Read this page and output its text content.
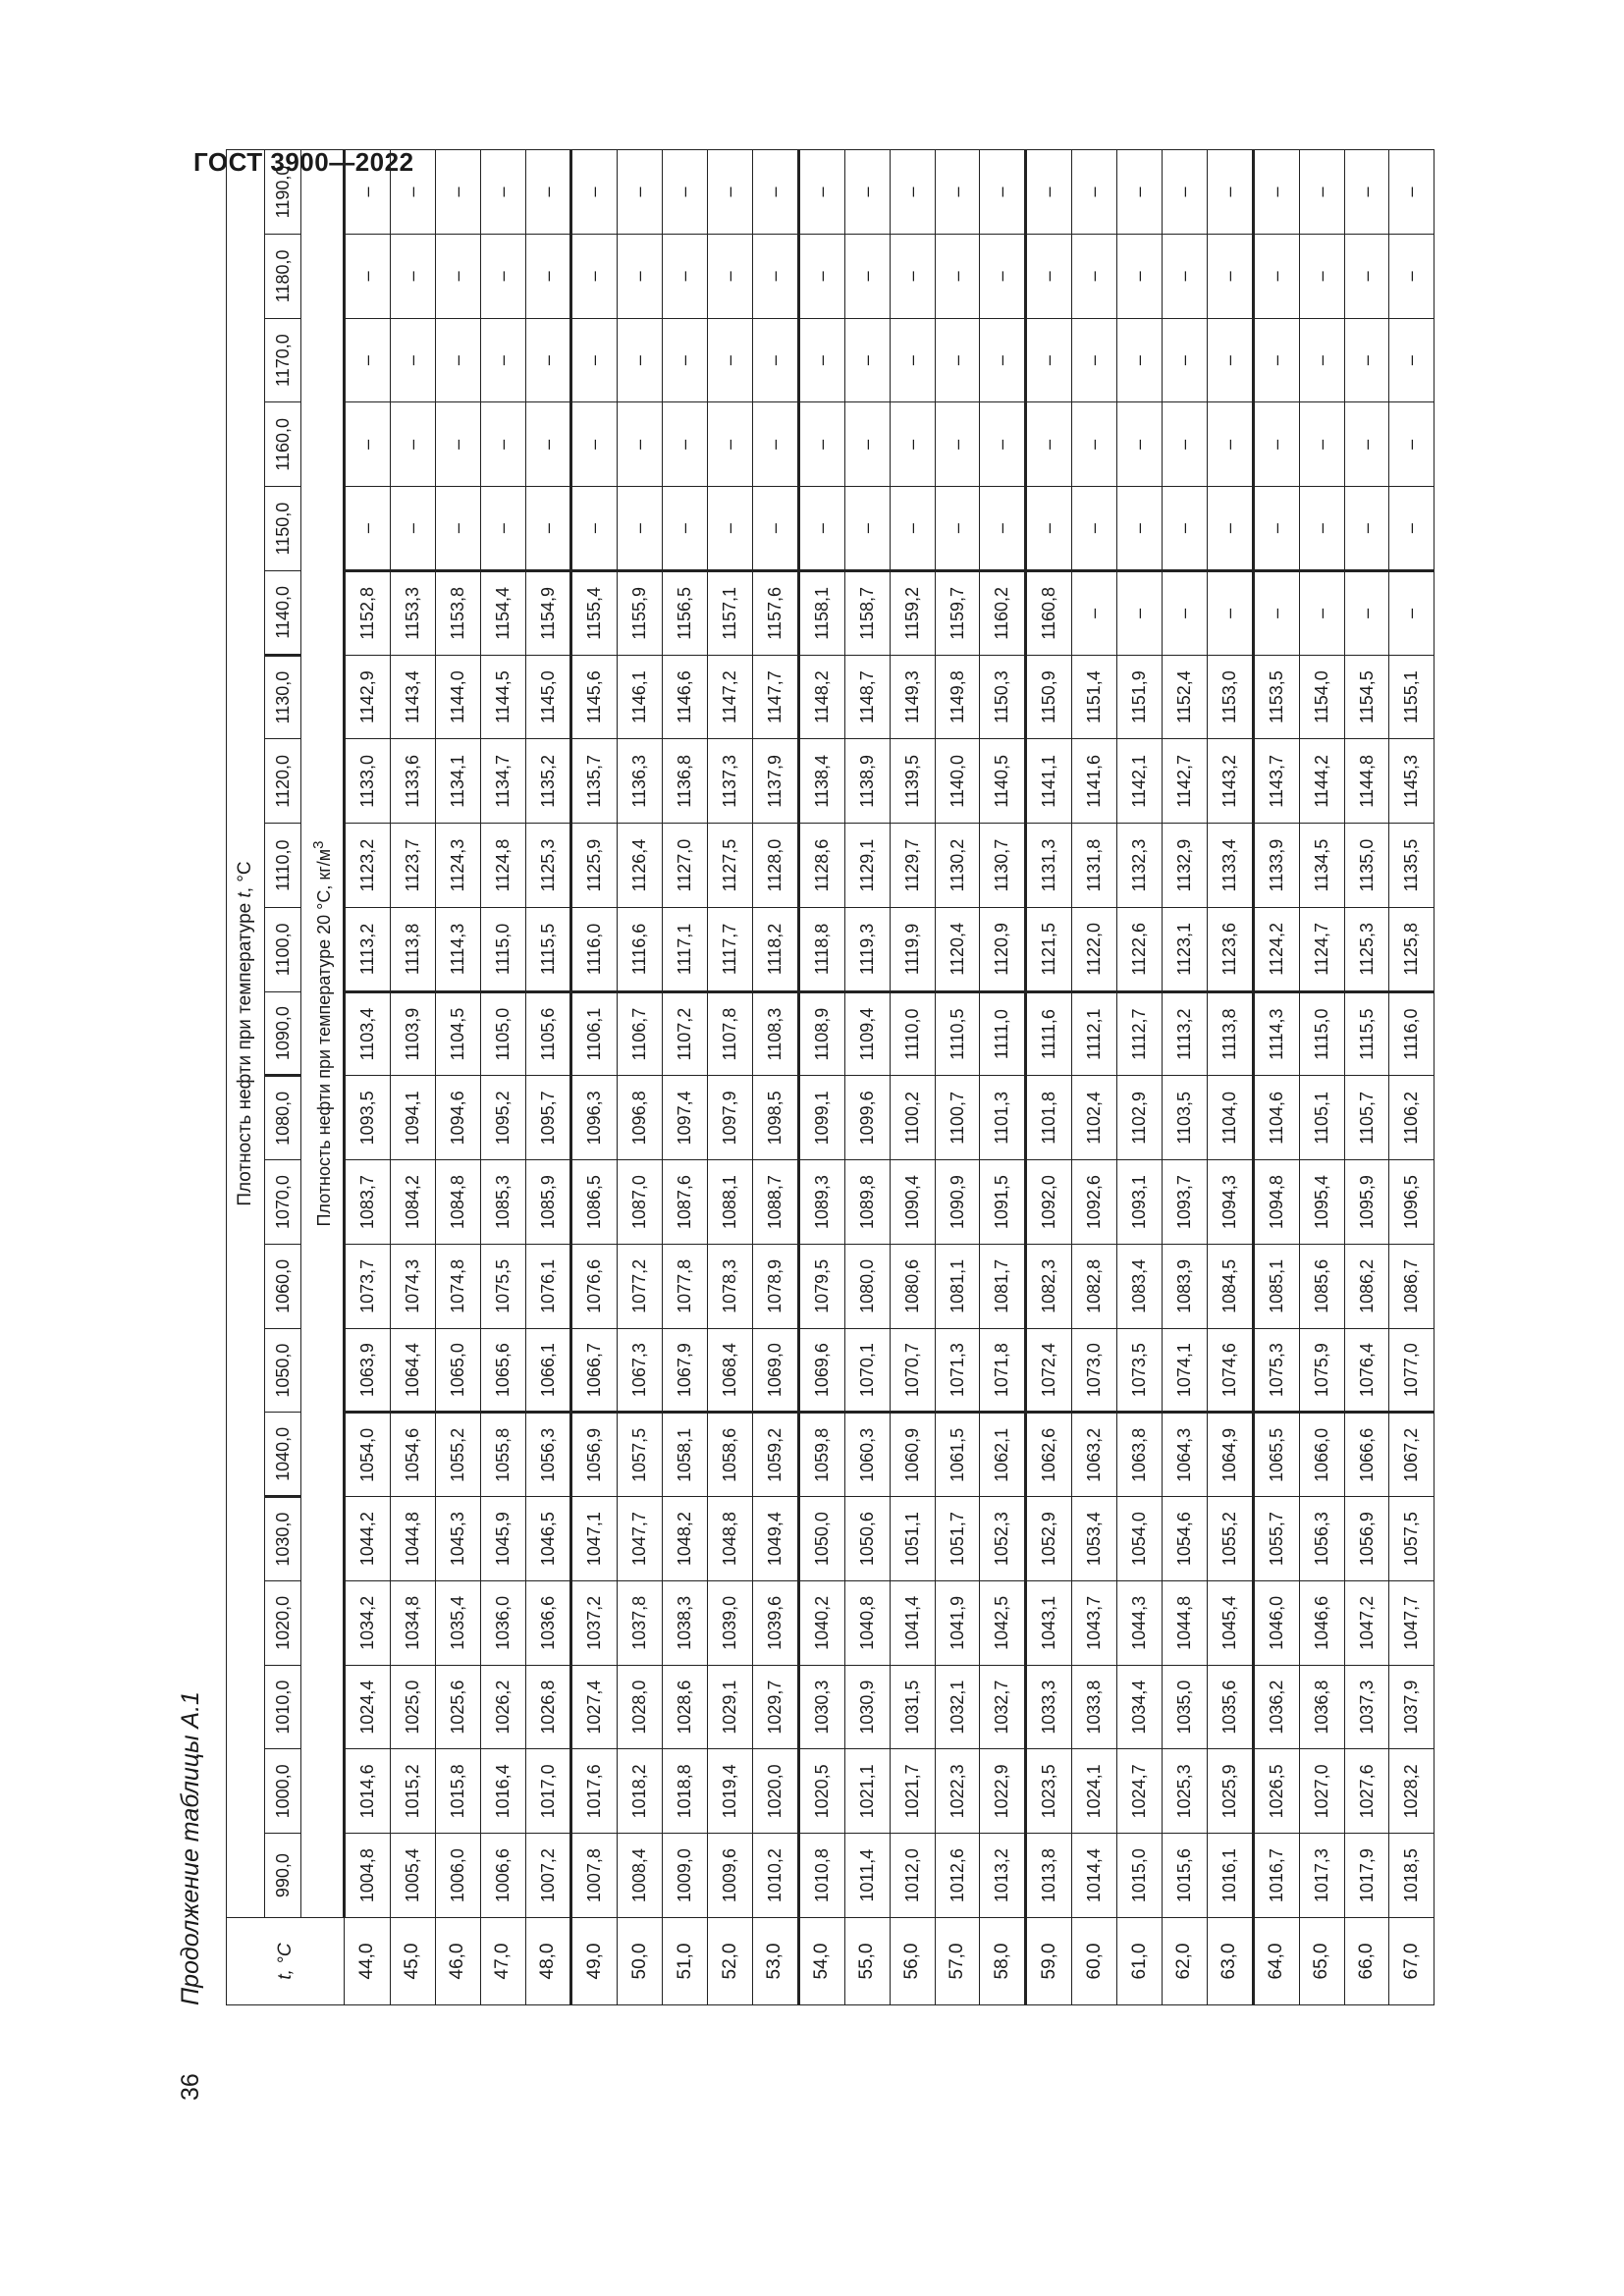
ГОСТ 3900—2022
36
Продолжение таблицы А.1	t, °С	Плотность нефти при температуре t, °С																				
	990,0	1000,0	1010,0	1020,0	1030,0	1040,0	1050,0	1060,0	1070,0	1080,0	1090,0	1100,0	1110,0	1120,0	1130,0	1140,0	1150,0	1160,0	1170,0	1180,0	1190,0
	Плотность нефти при температуре 20 °С, $кг/м^3$
44,0	1004,8	1014,6	1024,4	1034,2	1044,2	1054,0	1063,9	1073,7	1083,7	1093,5	1103,4	1113,2	1123,2	1133,0	1142,9	1152,8	–	–	–	–	–
45,0	1005,4	1015,2	1025,0	1034,8	1044,8	1054,6	1064,4	1074,3	1084,2	1094,1	1103,9	1113,8	1123,7	1133,6	1143,4	1153,3	–	–	–	–	–
46,0	1006,0	1015,8	1025,6	1035,4	1045,3	1055,2	1065,0	1074,8	1084,8	1094,6	1104,5	1114,3	1124,3	1134,1	1144,0	1153,8	–	–	–	–	–
47,0	1006,6	1016,4	1026,2	1036,0	1045,9	1055,8	1065,6	1075,5	1085,3	1095,2	1105,0	1115,0	1124,8	1134,7	1144,5	1154,4	–	–	–	–	–
48,0	1007,2	1017,0	1026,8	1036,6	1046,5	1056,3	1066,1	1076,1	1085,9	1095,7	1105,6	1115,5	1125,3	1135,2	1145,0	1154,9	–	–	–	–	–
49,0	1007,8	1017,6	1027,4	1037,2	1047,1	1056,9	1066,7	1076,6	1086,5	1096,3	1106,1	1116,0	1125,9	1135,7	1145,6	1155,4	–	–	–	–	–
50,0	1008,4	1018,2	1028,0	1037,8	1047,7	1057,5	1067,3	1077,2	1087,0	1096,8	1106,7	1116,6	1126,4	1136,3	1146,1	1155,9	–	–	–	–	–
51,0	1009,0	1018,8	1028,6	1038,3	1048,2	1058,1	1067,9	1077,8	1087,6	1097,4	1107,2	1117,1	1127,0	1136,8	1146,6	1156,5	–	–	–	–	–
52,0	1009,6	1019,4	1029,1	1039,0	1048,8	1058,6	1068,4	1078,3	1088,1	1097,9	1107,8	1117,7	1127,5	1137,3	1147,2	1157,1	–	–	–	–	–
53,0	1010,2	1020,0	1029,7	1039,6	1049,4	1059,2	1069,0	1078,9	1088,7	1098,5	1108,3	1118,2	1128,0	1137,9	1147,7	1157,6	–	–	–	–	–
54,0	1010,8	1020,5	1030,3	1040,2	1050,0	1059,8	1069,6	1079,5	1089,3	1099,1	1108,9	1118,8	1128,6	1138,4	1148,2	1158,1	–	–	–	–	–
55,0	1011,4	1021,1	1030,9	1040,8	1050,6	1060,3	1070,1	1080,0	1089,8	1099,6	1109,4	1119,3	1129,1	1138,9	1148,7	1158,7	–	–	–	–	–
56,0	1012,0	1021,7	1031,5	1041,4	1051,1	1060,9	1070,7	1080,6	1090,4	1100,2	1110,0	1119,9	1129,7	1139,5	1149,3	1159,2	–	–	–	–	–
57,0	1012,6	1022,3	1032,1	1041,9	1051,7	1061,5	1071,3	1081,1	1090,9	1100,7	1110,5	1120,4	1130,2	1140,0	1149,8	1159,7	–	–	–	–	–
58,0	1013,2	1022,9	1032,7	1042,5	1052,3	1062,1	1071,8	1081,7	1091,5	1101,3	1111,0	1120,9	1130,7	1140,5	1150,3	1160,2	–	–	–	–	–
59,0	1013,8	1023,5	1033,3	1043,1	1052,9	1062,6	1072,4	1082,3	1092,0	1101,8	1111,6	1121,5	1131,3	1141,1	1150,9	1160,8	–	–	–	–	–
60,0	1014,4	1024,1	1033,8	1043,7	1053,4	1063,2	1073,0	1082,8	1092,6	1102,4	1112,1	1122,0	1131,8	1141,6	1151,4	–	–	–	–	–	–
61,0	1015,0	1024,7	1034,4	1044,3	1054,0	1063,8	1073,5	1083,4	1093,1	1102,9	1112,7	1122,6	1132,3	1142,1	1151,9	–	–	–	–	–	–
62,0	1015,6	1025,3	1035,0	1044,8	1054,6	1064,3	1074,1	1083,9	1093,7	1103,5	1113,2	1123,1	1132,9	1142,7	1152,4	–	–	–	–	–	–
63,0	1016,1	1025,9	1035,6	1045,4	1055,2	1064,9	1074,6	1084,5	1094,3	1104,0	1113,8	1123,6	1133,4	1143,2	1153,0	–	–	–	–	–	–
64,0	1016,7	1026,5	1036,2	1046,0	1055,7	1065,5	1075,3	1085,1	1094,8	1104,6	1114,3	1124,2	1133,9	1143,7	1153,5	–	–	–	–	–	–
65,0	1017,3	1027,0	1036,8	1046,6	1056,3	1066,0	1075,9	1085,6	1095,4	1105,1	1115,0	1124,7	1134,5	1144,2	1154,0	–	–	–	–	–	–
66,0	1017,9	1027,6	1037,3	1047,2	1056,9	1066,6	1076,4	1086,2	1095,9	1105,7	1115,5	1125,3	1135,0	1144,8	1154,5	–	–	–	–	–	–
67,0	1018,5	1028,2	1037,9	1047,7	1057,5	1067,2	1077,0	1086,7	1096,5	1106,2	1116,0	1125,8	1135,5	1145,3	1155,1	–	–	–	–	–	–
